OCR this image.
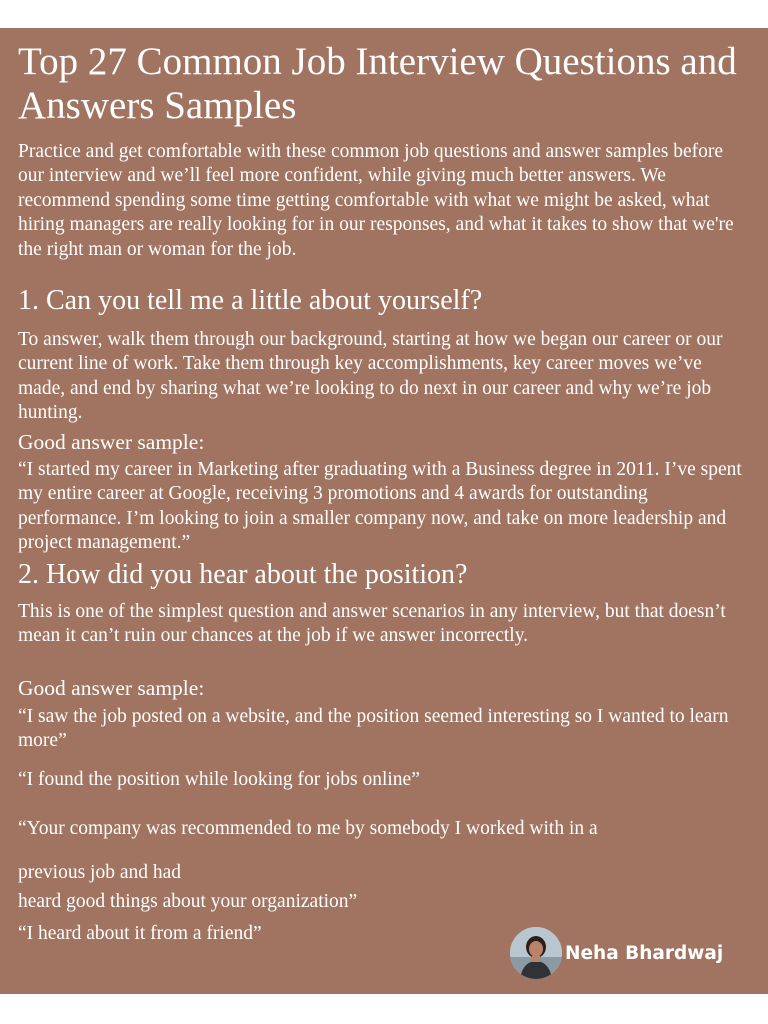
Top 27 Common Job Interview Questions and Answers Samples

Practice and get comfortable with these common job questions and answer samples before our interview and we’ll feel more confident, while giving much better answers. We recommend spending some time getting comfortable with what we might be asked, what hiring managers are really looking for in our responses, and what it takes to show that we're the right man or woman for the job.

1. Can you tell me a little about yourself?

To answer, walk them through our background, starting at how we began our career or our current line of work. Take them through key accomplishments, key career moves we’ve made, and end by sharing what we’re looking to do next in our career and why we’re job hunting.

Good answer sample:

“I started my career in Marketing after graduating with a Business degree in 2011. I’ve spent my entire career at Google, receiving 3 promotions and 4 awards for outstanding performance. I’m looking to join a smaller company now, and take on more leadership and project management.”

2. How did you hear about the position?

This is one of the simplest question and answer scenarios in any interview, but that doesn’t mean it can’t ruin our chances at the job if we answer incorrectly.

Good answer sample:

“I saw the job posted on a website, and the position seemed interesting so I wanted to learn more”

“I found the position while looking for jobs online”

“Your company was recommended to me by somebody I worked with in a

previous job and had

heard good things about your organization”

“I heard about it from a friend”

Neha Bhardwaj
